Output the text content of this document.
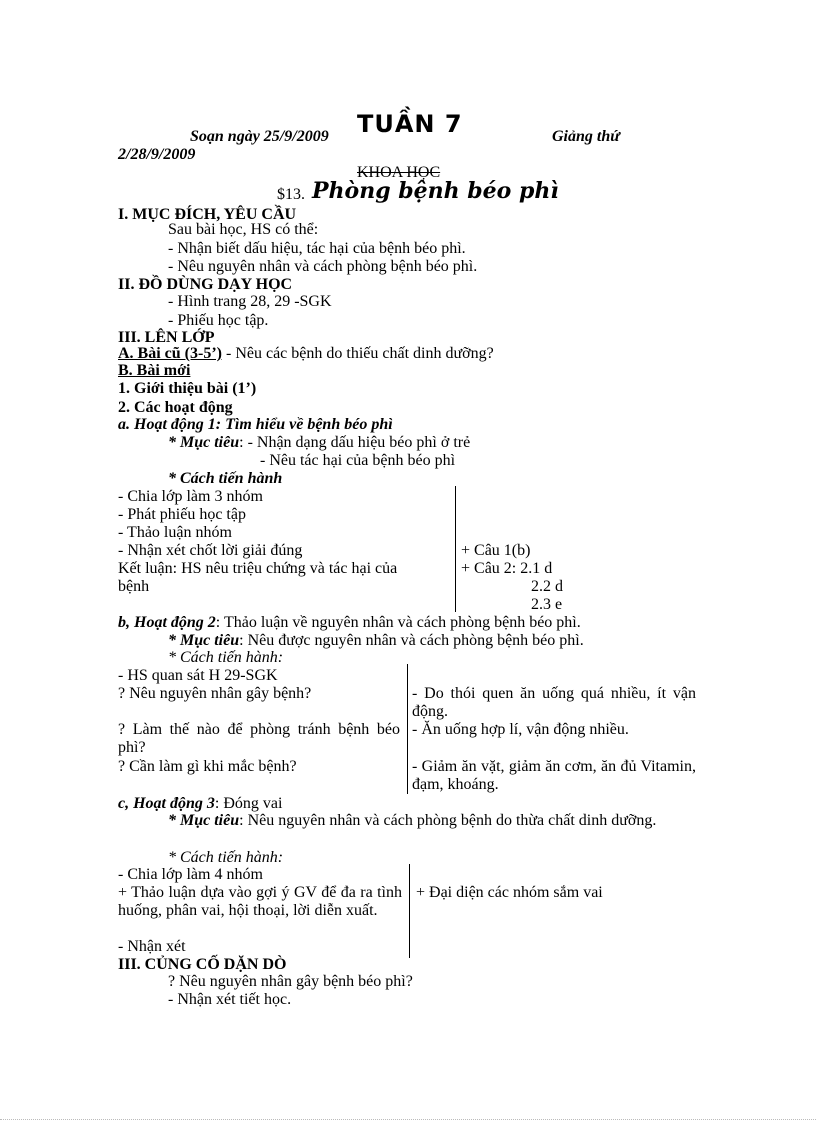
Soạn ngày 25/9/2009 TUẦN 7	Giảng thứ
2/28/9/2009
KHOA HỌC
$13. Phòng bệnh béo phì
I. MỤC ĐÍCH, YÊU CẦU
Sau bài học, HS có thể:
- Nhận biết dấu hiệu, tác hại của bệnh béo phì.
- Nêu nguyên nhân và cách phòng bệnh béo phì.
II. ĐỒ DÙNG DẠY HỌC
- Hình trang 28, 29 -SGK
- Phiếu học tập.
III. LÊN LỚP
A. Bài cũ (3-5’) - Nêu các bệnh do thiếu chất dinh dưỡng?
B. Bài mới
1. Giới thiệu bài (1’)
2. Các hoạt động
a. Hoạt động 1: Tìm hiểu về bệnh béo phì
* Mục tiêu: - Nhận dạng dấu hiệu béo phì ở trẻ
- Nêu tác hại của bệnh béo phì
* Cách tiến hành
- Chia lớp làm 3 nhóm
- Phát phiếu học tập
- Thảo luận nhóm
- Nhận xét chốt lời giải đúng
Kết luận: HS nêu triệu chứng và tác hại của
bệnh
+ Câu 1(b)
+ Câu 2: 2.1 d
2.2 d
2.3 e
b, Hoạt động 2: Thảo luận về nguyên nhân và cách phòng bệnh béo phì.
* Mục tiêu: Nêu được nguyên nhân và cách phòng bệnh béo phì.
* Cách tiến hành:
- HS quan sát H 29-SGK
? Nêu nguyên nhân gây bệnh?
? Làm thế nào để phòng tránh bệnh béo phì?
? Cần làm gì khi mắc bệnh?
- Do thói quen ăn uống quá nhiều, ít vận động.
- Ăn uống hợp lí, vận động nhiều.
- Giảm ăn vặt, giảm ăn cơm, ăn đủ Vitamin, đạm, khoáng.
c, Hoạt động 3: Đóng vai
* Mục tiêu: Nêu nguyên nhân và cách phòng bệnh do thừa chất dinh dưỡng.
* Cách tiến hành:
- Chia lớp làm 4 nhóm
+ Thảo luận dựa vào gợi ý GV để đa ra tình huống, phân vai, hội thoại, lời diễn xuất.
- Nhận xét
+ Đại diện các nhóm sắm vai
III. CỦNG CỐ DẶN DÒ
? Nêu nguyên nhân gây bệnh béo phì?
- Nhận xét tiết học.
